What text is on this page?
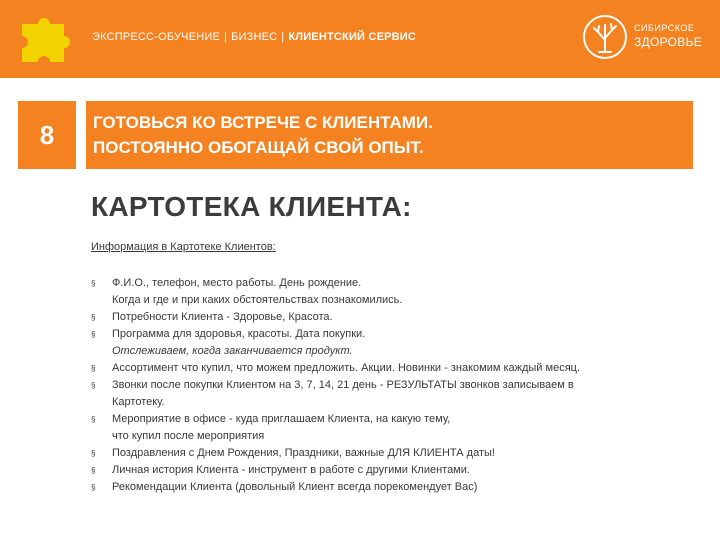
ЭКСПРЕСС-ОБУЧЕНИЕ | БИЗНЕС | КЛИЕНТСКИЙ СЕРВИС
СИБИРСКОЕ
ЗДОРОВЬЕ
8	ГОТОВЬСЯ КО ВСТРЕЧЕ С КЛИЕНТАМИ.
ПОСТОЯННО ОБОГАЩАЙ СВОЙ ОПЫТ.
КАРТОТЕКА КЛИЕНТА:
Информация в Картотеке Клиентов:
§ Ф.И.О., телефон, место работы. День рождение.
Когда и где и при каких обстоятельствах познакомились.
§ Потребности Клиента - Здоровье, Красота.
§ Программа для здоровья, красоты. Дата покупки.
Отслеживаем, когда заканчивается продукт.
§ Ассортимент что купил, что можем предложить. Акции. Новинки - знакомим каждый месяц.
§ Звонки после покупки Клиентом на 3, 7, 14, 21 день - РЕЗУЛЬТАТЫ звонков записываем в
Картотеку.
§ Мероприятие в офисе - куда приглашаем Клиента, на какую тему,
что купил после мероприятия
§ Поздравления с Днем Рождения, Праздники, важные ДЛЯ КЛИЕНТА даты!
§ Личная история Клиента - инструмент в работе с другими Клиентами.
§ Рекомендации Клиента (довольный Клиент всегда порекомендует Вас)
